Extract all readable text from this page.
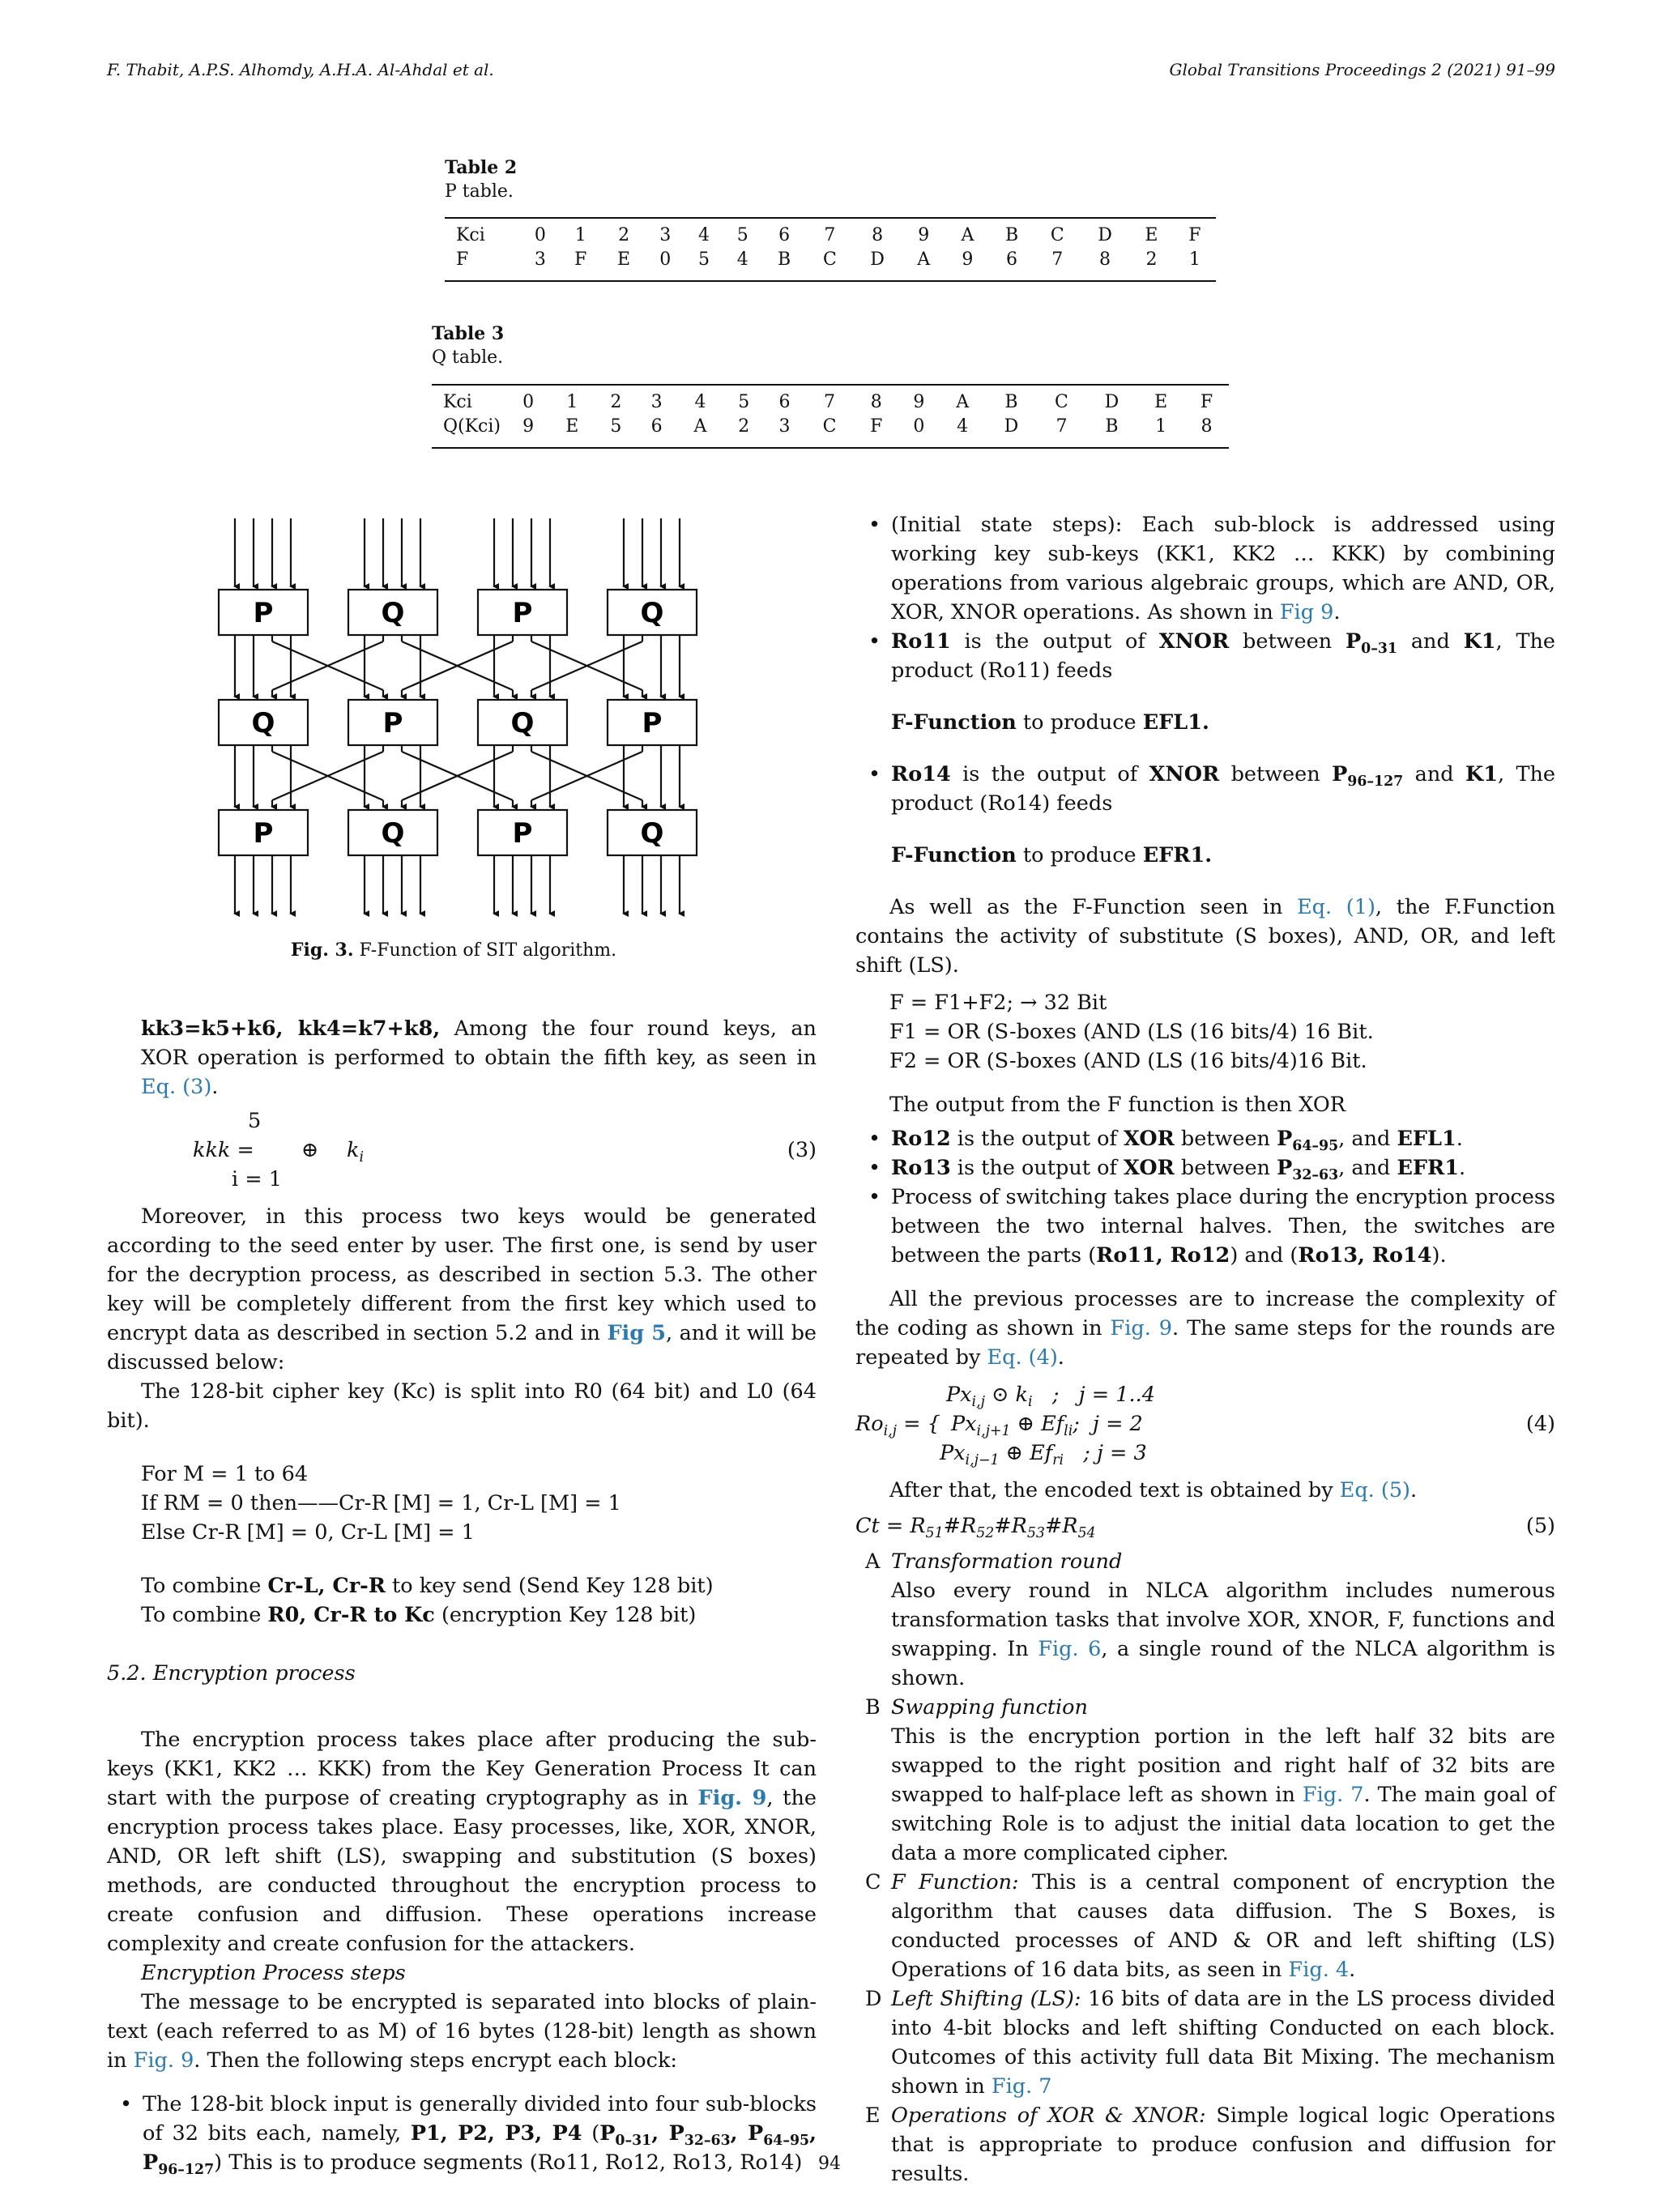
F. Thabit, A.P.S. Alhomdy, A.H.A. Al-Ahdal et al.	Global Transitions Proceedings 2 (2021) 91–99
Table 2
P table.
Kci	0	1	2	3	4	5	6	7	8	9	A	B	C	D	E	F
F	3	F	E	0	5	4	B	C	D	A	9	6	7	8	2	1
Table 3
Q table.
Kci	0	1	2	3	4	5	6	7	8	9	A	B	C	D	E	F
Q(Kci)	9	E	5	6	A	2	3	C	F	0	4	D	7	B	1	8
P	Q	P	Q
Q	P	Q	P
P	Q	P	Q
Fig. 3. F-Function of SIT algorithm.

kk3=k5+k6, kk4=k7+k8, Among the four round keys, an XOR operation is performed to obtain the fifth key, as seen in Eq. (3).

5
kkk = ⊕ $k_i$
i = 1
(3)

Moreover, in this process two keys would be generated according to the seed enter by user. The first one, is send by user for the decryption process, as described in section 5.3. The other key will be completely different from the first key which used to encrypt data as described in section 5.2 and in Fig 5, and it will be discussed below:

The 128-bit cipher key (Kc) is split into R0 (64 bit) and L0 (64 bit).

For M = 1 to 64
If RM = 0 then——Cr-R [M] = 1, Cr-L [M] = 1
Else Cr-R [M] = 0, Cr-L [M] = 1
To combine Cr-L, Cr-R to key send (Send Key 128 bit)
To combine R0, Cr-R to Kc (encryption Key 128 bit)
5.2. Encryption process

The encryption process takes place after producing the sub-keys (KK1, KK2 … KKK) from the Key Generation Process It can start with the purpose of creating cryptography as in Fig. 9, the encryption process takes place. Easy processes, like, XOR, XNOR, AND, OR left shift (LS), swapping and substitution (S boxes) methods, are conducted throughout the encryption process to create confusion and diffusion. These operations increase complexity and create confusion for the attackers.

Encryption Process steps

The message to be encrypted is separated into blocks of plain-text (each referred to as M) of 16 bytes (128-bit) length as shown in Fig. 9. Then the following steps encrypt each block:

• The 128-bit block input is generally divided into four sub-blocks of 32 bits each, namely, P1, P2, P3, P4 ($P_{0-31}$, $P_{32-63}$, $P_{64-95}$, $P_{96-127}$) This is to produce segments (Ro11, Ro12, Ro13, Ro14)
• (Initial state steps): Each sub-block is addressed using working key sub-keys (KK1, KK2 … KKK) by combining operations from various algebraic groups, which are AND, OR, XOR, XNOR operations. As shown in Fig 9.
• Ro11 is the output of XNOR between $P_{0-31}$ and K1, The product (Ro11) feeds
F-Function to produce EFL1.
• Ro14 is the output of XNOR between $P_{96-127}$ and K1, The product (Ro14) feeds
F-Function to produce EFR1.

As well as the F-Function seen in Eq. (1), the F.Function contains the activity of substitute (S boxes), AND, OR, and left shift (LS).

F = F1+F2; → 32 Bit
F1 = OR (S-boxes (AND (LS (16 bits/4) 16 Bit.
F2 = OR (S-boxes (AND (LS (16 bits/4)16 Bit.
The output from the F function is then XOR
• Ro12 is the output of XOR between $P_{64-95}$, and EFL1.
• Ro13 is the output of XOR between $P_{32-63}$, and EFR1.
• Process of switching takes place during the encryption process between the two internal halves. Then, the switches are between the parts (Ro11, Ro12) and (Ro13, Ro14).

All the previous processes are to increase the complexity of the coding as shown in Fig. 9. The same steps for the rounds are repeated by Eq. (4).

$Ro_{i,j}$ = {
$Px_{i,j}$ ⊙ $k_i$   ;   j = 1..4
$Px_{i,j+1}$ ⊕ $Ef_{li}$;  j = 2
$Px_{i,j-1}$ ⊕ $Ef_{ri}$   ; j = 3
(4)

After that, the encoded text is obtained by Eq. (5).

$Ct = R_{51}\#R_{52}\#R_{53}\#R_{54}$	(5)
A Transformation round
Also every round in NLCA algorithm includes numerous transformation tasks that involve XOR, XNOR, F, functions and swapping. In Fig. 6, a single round of the NLCA algorithm is shown.
B Swapping function
This is the encryption portion in the left half 32 bits are swapped to the right position and right half of 32 bits are swapped to half-place left as shown in Fig. 7. The main goal of switching Role is to adjust the initial data location to get the data a more complicated cipher.
C F Function: This is a central component of encryption the algorithm that causes data diffusion. The S Boxes, is conducted processes of AND & OR and left shifting (LS) Operations of 16 data bits, as seen in Fig. 4.
D Left Shifting (LS): 16 bits of data are in the LS process divided into 4-bit blocks and left shifting Conducted on each block. Outcomes of this activity full data Bit Mixing. The mechanism shown in Fig. 7
E Operations of XOR & XNOR: Simple logical logic Operations that is appropriate to produce confusion and diffusion for results.
94
